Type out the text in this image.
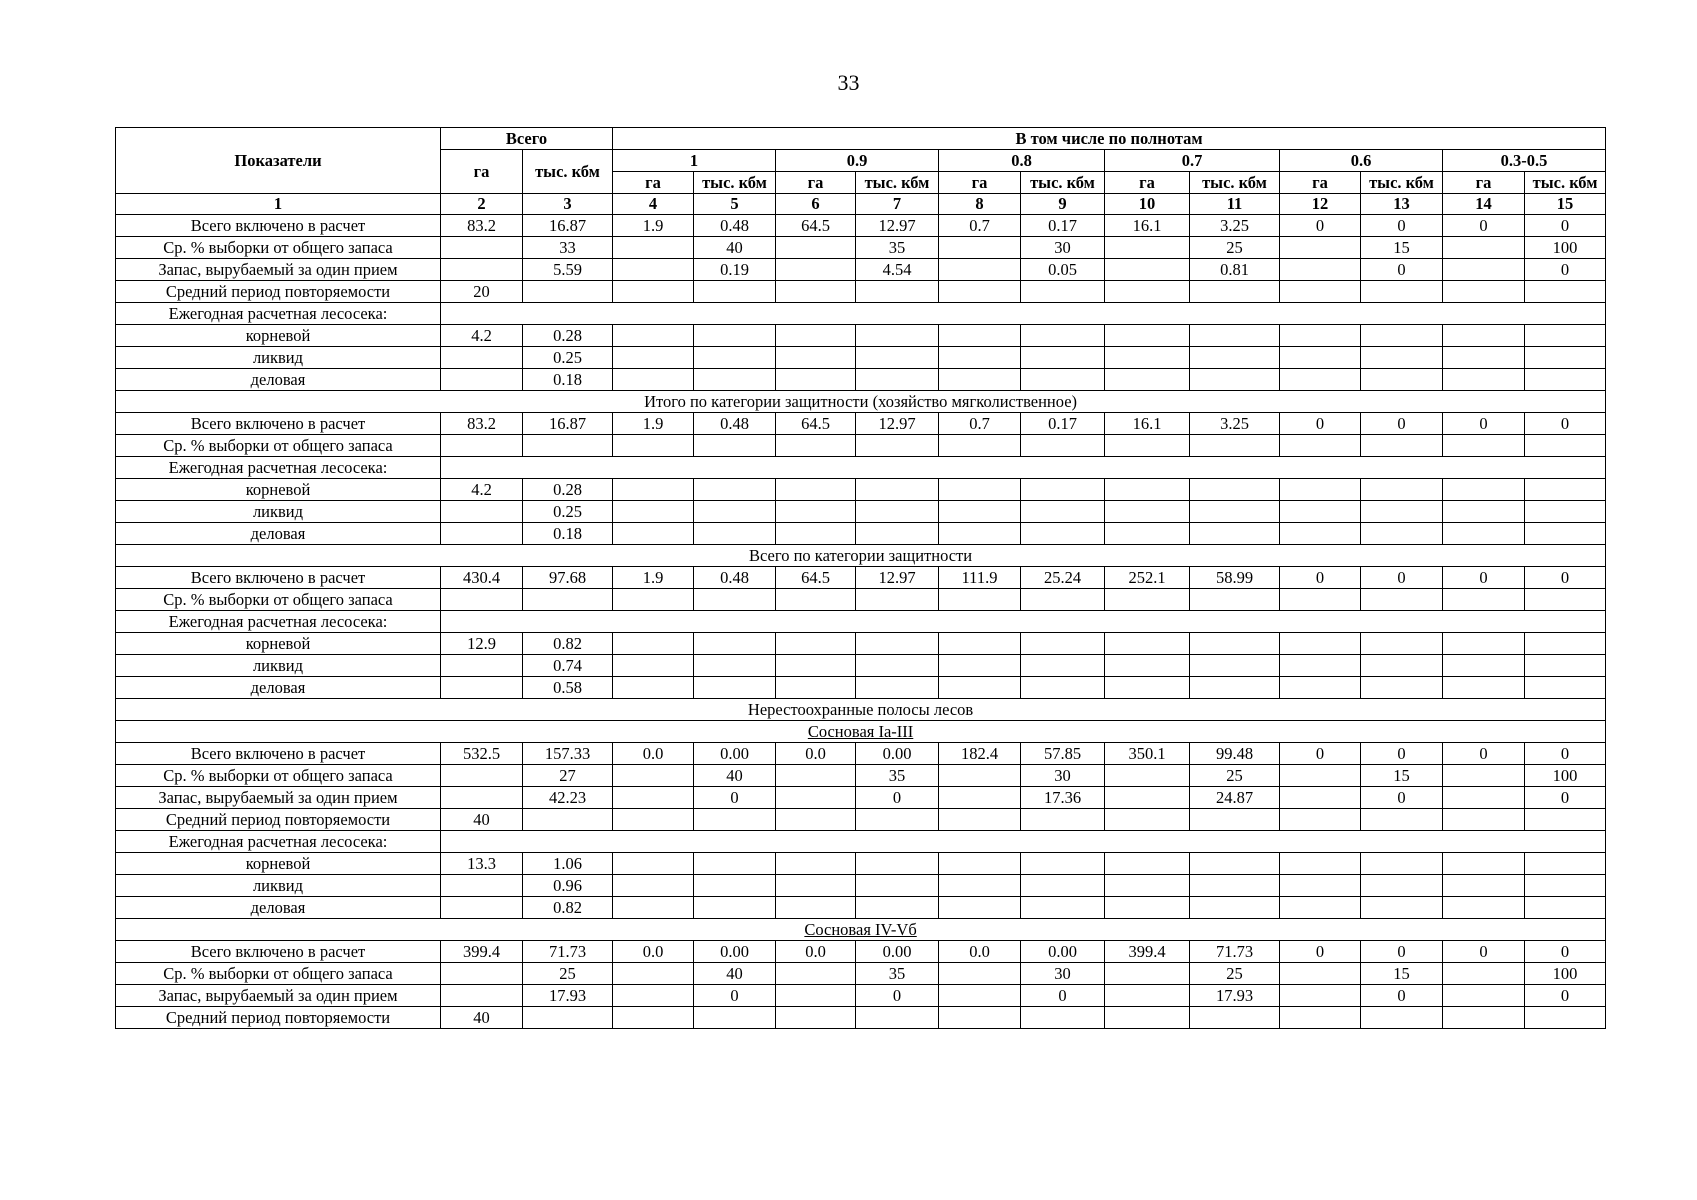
33
Показатели	Всего		В том числе по полнотам											
	га	тыс. кбм	1		0.9		0.8		0.7		0.6		0.3-0.5	
			га	тыс. кбм	га	тыс. кбм	га	тыс. кбм	га	тыс. кбм	га	тыс. кбм	га	тыс. кбм
1	2	3	4	5	6	7	8	9	10	11	12	13	14	15
Всего включено в расчет	83.2	16.87	1.9	0.48	64.5	12.97	0.7	0.17	16.1	3.25	0	0	0	0
Ср. % выборки от общего запаса		33		40		35		30		25		15		100
Запас, вырубаемый за один прием		5.59		0.19		4.54		0.05		0.81		0		0
Средний период повторяемости	20													
Ежегодная расчетная лесосека:														
корневой	4.2	0.28												
ликвид		0.25												
деловая		0.18												
Итого по категории защитности (хозяйство мягколиственное)														
Всего включено в расчет	83.2	16.87	1.9	0.48	64.5	12.97	0.7	0.17	16.1	3.25	0	0	0	0
Ср. % выборки от общего запаса														
Ежегодная расчетная лесосека:														
корневой	4.2	0.28												
ликвид		0.25												
деловая		0.18												
Всего по категории защитности														
Всего включено в расчет	430.4	97.68	1.9	0.48	64.5	12.97	111.9	25.24	252.1	58.99	0	0	0	0
Ср. % выборки от общего запаса														
Ежегодная расчетная лесосека:														
корневой	12.9	0.82												
ликвид		0.74												
деловая		0.58												
Нерестоохранные полосы лесов														
Сосновая Ia-III														
Всего включено в расчет	532.5	157.33	0.0	0.00	0.0	0.00	182.4	57.85	350.1	99.48	0	0	0	0
Ср. % выборки от общего запаса		27		40		35		30		25		15		100
Запас, вырубаемый за один прием		42.23		0		0		17.36		24.87		0		0
Средний период повторяемости	40													
Ежегодная расчетная лесосека:														
корневой	13.3	1.06												
ликвид		0.96												
деловая		0.82												
Сосновая IV-Vб														
Всего включено в расчет	399.4	71.73	0.0	0.00	0.0	0.00	0.0	0.00	399.4	71.73	0	0	0	0
Ср. % выборки от общего запаса		25		40		35		30		25		15		100
Запас, вырубаемый за один прием		17.93		0		0		0		17.93		0		0
Средний период повторяемости	40													
